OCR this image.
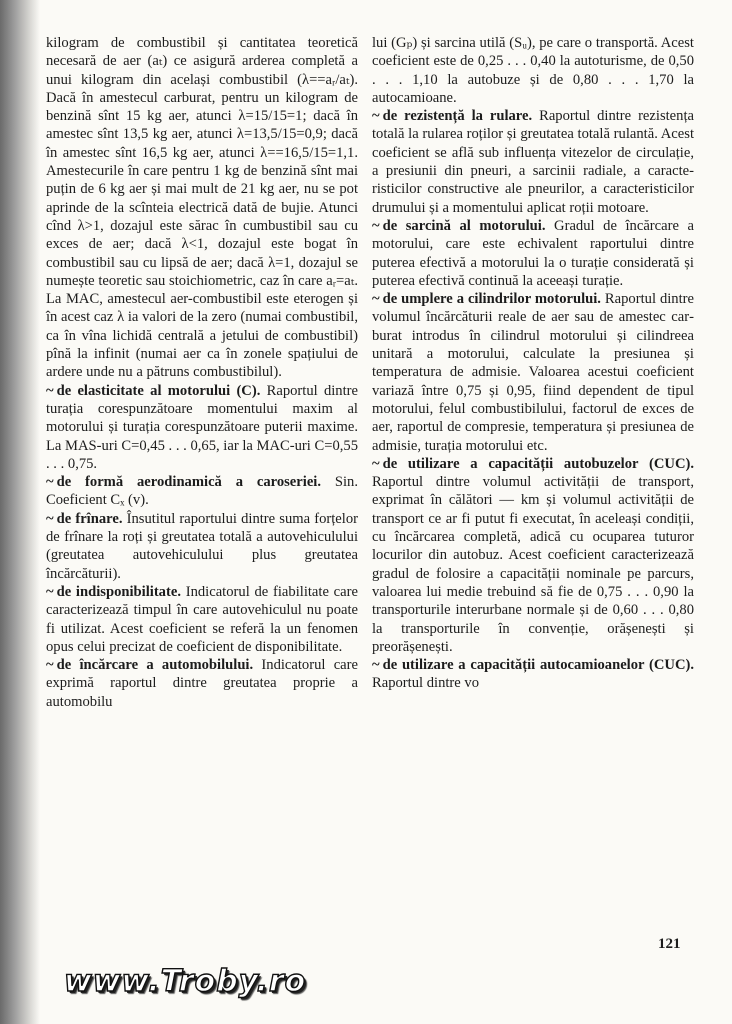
kilogram de combustibil și cantitatea teoretică necesară de aer (aₜ) ce asigură arderea completă a unui kilogram din același combustibil (λ==aᵣ/aₜ). Dacă în amestecul carburat, pentru un kilogram de benzină sînt 15 kg aer, atunci λ=15/15=1; dacă în amestec sînt 13,5 kg aer, atunci λ=13,5/15=0,9; dacă în amestec sînt 16,5 kg aer, atunci λ==16,5/15=1,1. Amestecurile în care pentru 1 kg de benzină sînt mai puțin de 6 kg aer și mai mult de 21 kg aer, nu se pot aprinde de la scînteia electrică dată de bujie. Atunci cînd λ>1, dozajul este sărac în cumbustibil sau cu exces de aer; dacă λ<1, dozajul este bogat în combustibil sau cu lipsă de aer; dacă λ=1, dozajul se numește teoretic sau stoichiometric, caz în care aᵣ=aₜ. La MAC, amestecul aer-combustibil este eterogen și în acest caz λ ia valori de la zero (numai combustibil, ca în vîna lichidă centrală a jetului de combustibil) pînă la infinit (numai aer ca în zonele spațiului de ardere unde nu a pătruns combustibilul).

~ de elasticitate al motorului (C). Raportul dintre turația corespunzătoare momentului maxim al motorului și turația corespunzătoare puterii maxime. La MAS-uri C=0,45 . . . 0,65, iar la MAC-uri C=0,55 . . . 0,75.

~ de formă aerodinamică a caroseriei. Sin. Coeficient Cₓ (v).

~ de frînare. Însutitul raportului dintre suma forțelor de frînare la roți și greutatea totală a autovehiculului (greutatea autovehiculului plus greutatea încărcăturii).

~ de indisponibilitate. Indicatorul de fiabilitate care caracterizează timpul în care autovehiculul nu poate fi utilizat. Acest coeficient se referă la un fenomen opus celui precizat de coeficient de disponibilitate.

~ de încărcare a automobilului. Indicatorul care exprimă raportul dintre greutatea proprie a automobilu

lui (Gₚ) și sarcina utilă (Sᵤ), pe care o transportă. Acest coeficient este de 0,25 . . . 0,40 la autoturisme, de 0,50 . . . 1,10 la autobuze și de 0,80 . . . 1,70 la autocamioane.

~ de rezistență la rulare. Raportul dintre rezistența totală la rularea roților și greutatea totală rulantă. Acest coeficient se află sub influența vitezelor de circulație, a presiunii din pneuri, a sarcinii radiale, a caracteristicilor constructive ale pneurilor, a caracteristicilor drumului și a momentului aplicat roții motoare.

~ de sarcină al motorului. Gradul de încărcare a motorului, care este echivalent raportului dintre puterea efectivă a motorului la o turație considerată și puterea efectivă continuă la aceeași turație.

~ de umplere a cilindrilor motorului. Raportul dintre volumul încărcăturii reale de aer sau de amestec carburat introdus în cilindrul motorului și cilindreea unitară a motorului, calculate la presiunea și temperatura de admisie. Valoarea acestui coeficient variază între 0,75 și 0,95, fiind dependent de tipul motorului, felul combustibilului, factorul de exces de aer, raportul de compresie, temperatura și presiunea de admisie, turația motorului etc.

~ de utilizare a capacității autobuzelor (CUC). Raportul dintre volumul activității de transport, exprimat în călători — km și volumul activității de transport ce ar fi putut fi executat, în aceleași condiții, cu încărcarea completă, adică cu ocuparea tuturor locurilor din autobuz. Acest coeficient caracterizează gradul de folosire a capacității nominale pe parcurs, valoarea lui medie trebuind să fie de 0,75 . . . 0,90 la transporturile interurbane normale și de 0,60 . . . 0,80 la transporturile în convenție, orășenești și preorășenești.

~ de utilizare a capacității autocamioanelor (CUC). Raportul dintre vo

121
www.Troby.ro
